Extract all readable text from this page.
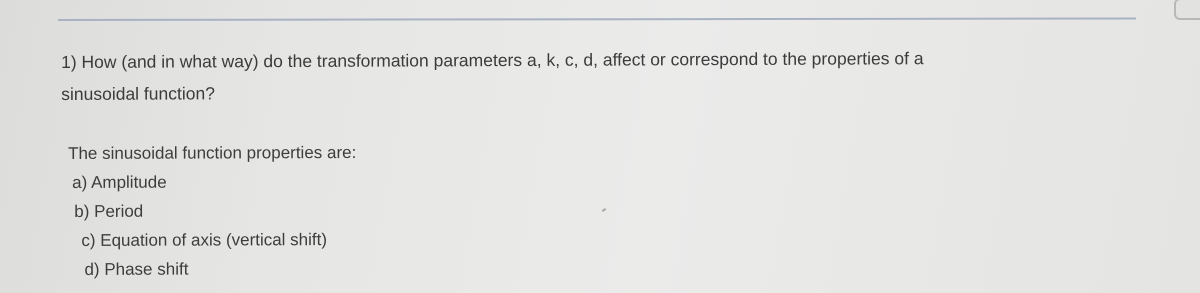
1) How (and in what way) do the transformation parameters a, k, c, d, affect or correspond to the properties of a
sinusoidal function?
The sinusoidal function properties are:
a) Amplitude
b) Period
c) Equation of axis (vertical shift)
d) Phase shift
